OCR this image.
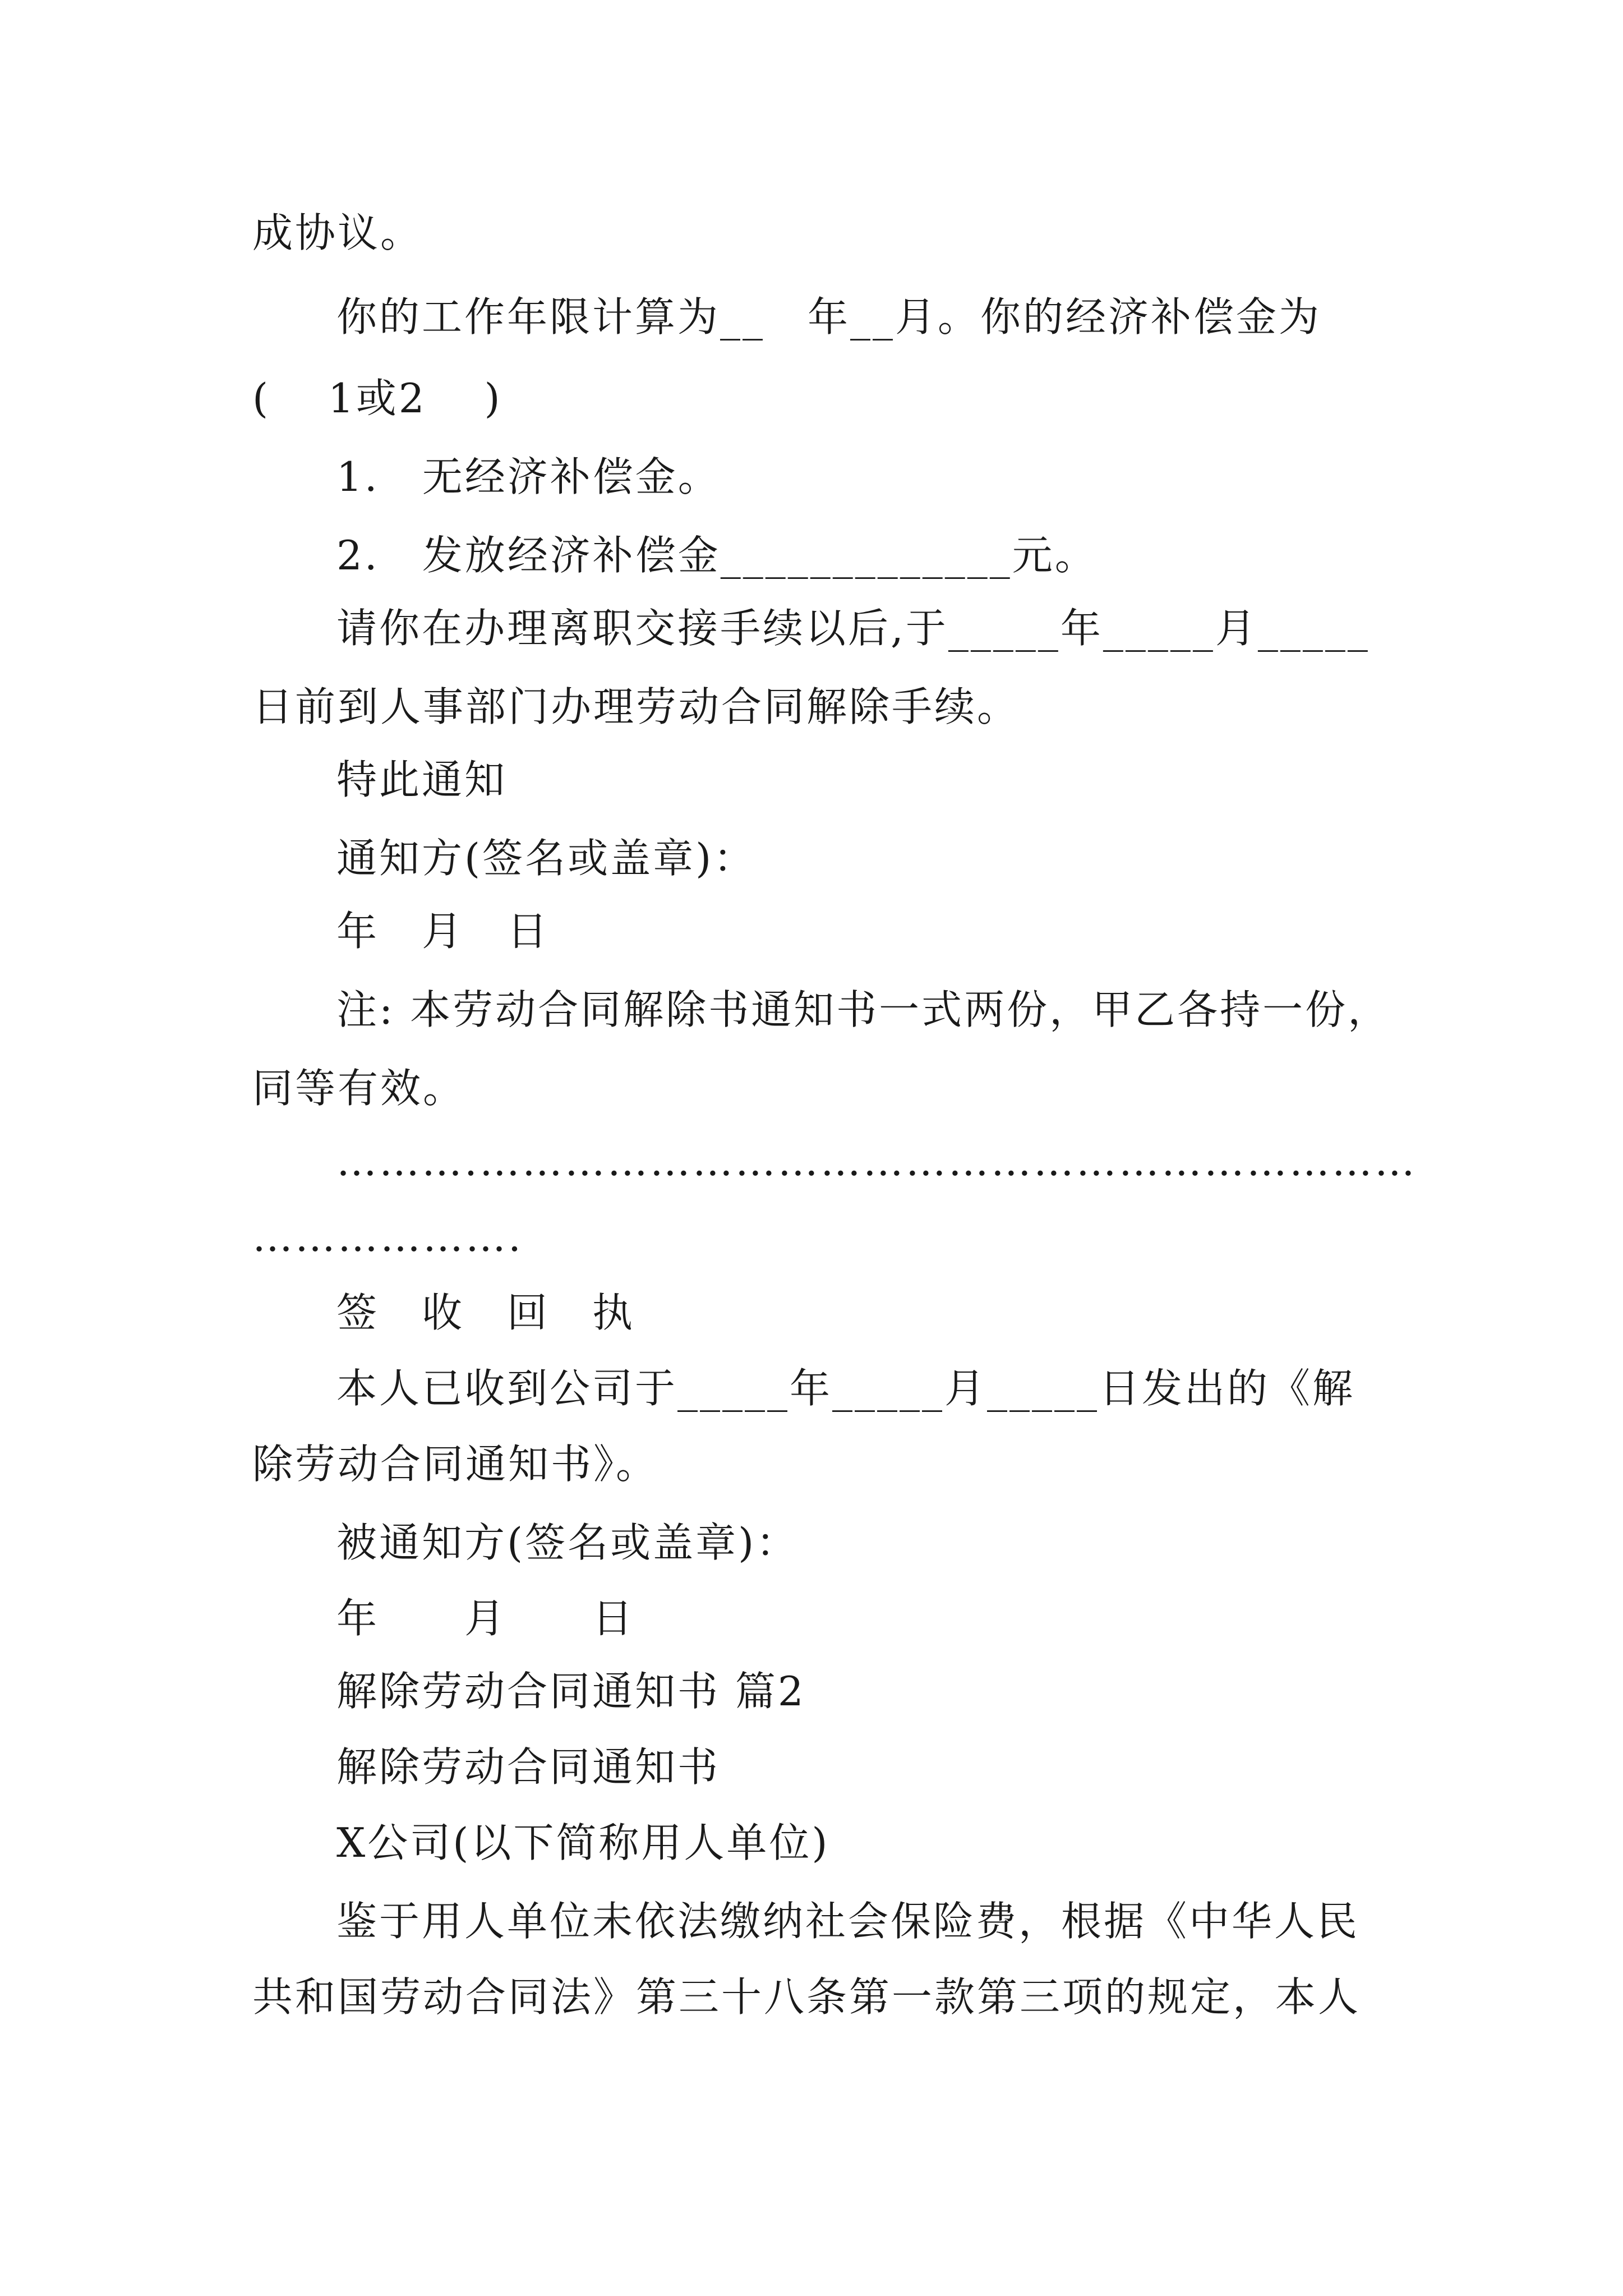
成协议。
你的工作年限计算为__　年__月。你的经济补偿金为
(　 1或2　 )
1.　无经济补偿金。
2.　发放经济补偿金_____________元。
请你在办理离职交接手续以后,于_____年_____月_____
日前到人事部门办理劳动合同解除手续。
特此通知
通知方(签名或盖章)：
年　月　日
注: 本劳动合同解除书通知书一式两份，甲乙各持一份，
同等有效。
……….…………………………………………………………
……………….
签　收　回　执
本人已收到公司于_____年_____月_____日发出的《解
除劳动合同通知书》。
被通知方(签名或盖章)：
年　　月　　日
解除劳动合同通知书 篇2
解除劳动合同通知书
X公司(以下简称用人单位)
鉴于用人单位未依法缴纳社会保险费，根据《中华人民
共和国劳动合同法》第三十八条第一款第三项的规定，本人
